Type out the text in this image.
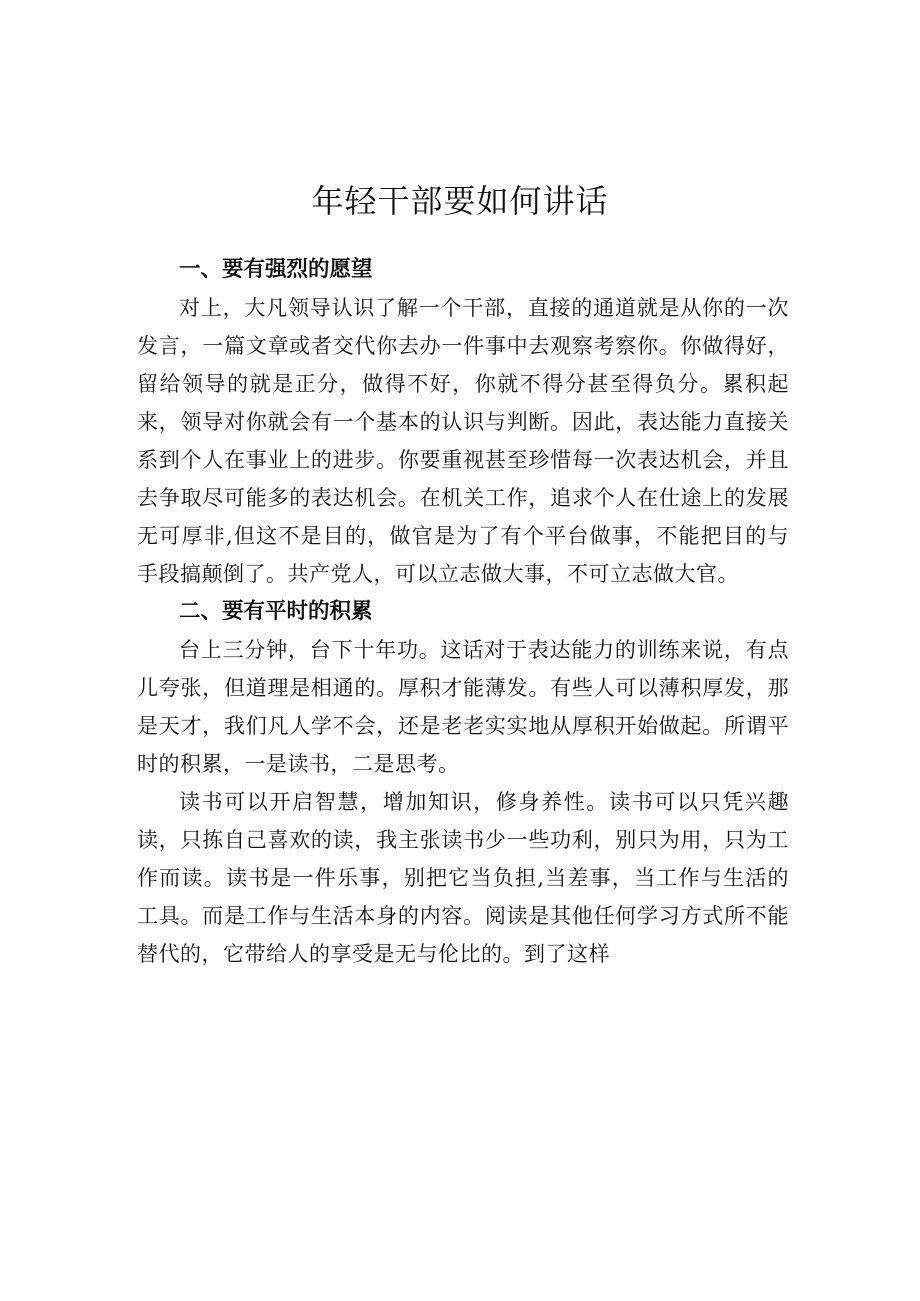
年轻干部要如何讲话
一、要有强烈的愿望

对上，大凡领导认识了解一个干部，直接的通道就是从你的一次发言，一篇文章或者交代你去办一件事中去观察考察你。你做得好，留给领导的就是正分，做得不好，你就不得分甚至得负分。累积起来，领导对你就会有一个基本的认识与判断。因此，表达能力直接关系到个人在事业上的进步。你要重视甚至珍惜每一次表达机会，并且去争取尽可能多的表达机会。在机关工作，追求个人在仕途上的发展无可厚非,但这不是目的，做官是为了有个平台做事，不能把目的与手段搞颠倒了。共产党人，可以立志做大事，不可立志做大官。

二、要有平时的积累

台上三分钟，台下十年功。这话对于表达能力的训练来说，有点儿夸张，但道理是相通的。厚积才能薄发。有些人可以薄积厚发，那是天才，我们凡人学不会，还是老老实实地从厚积开始做起。所谓平时的积累，一是读书，二是思考。

读书可以开启智慧，增加知识，修身养性。读书可以只凭兴趣读，只拣自己喜欢的读，我主张读书少一些功利，别只为用，只为工作而读。读书是一件乐事，别把它当负担,当差事，当工作与生活的工具。而是工作与生活本身的内容。阅读是其他任何学习方式所不能替代的，它带给人的享受是无与伦比的。到了这样
